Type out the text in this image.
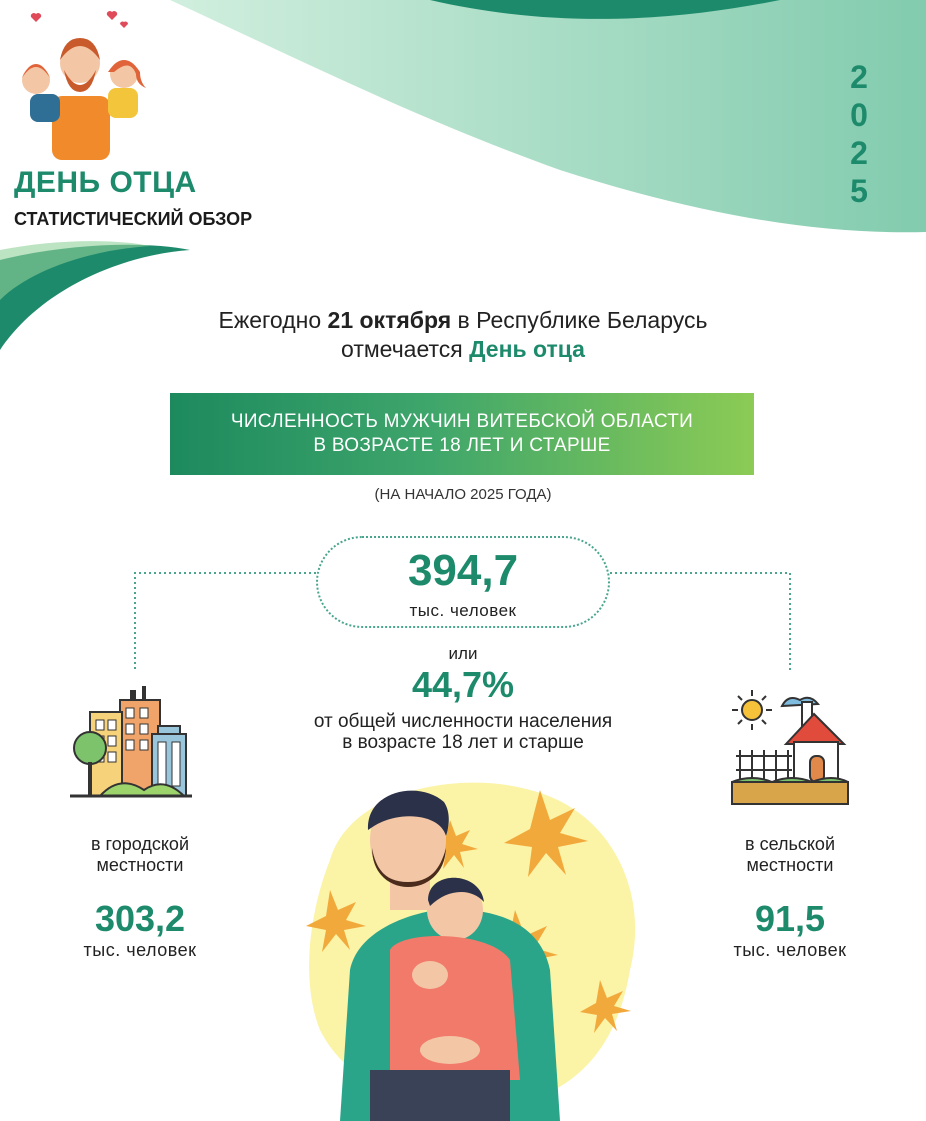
ДЕНЬ ОТЦА
СТАТИСТИЧЕСКИЙ ОБЗОР
2
0
2
5
Ежегодно 21 октября в Республике Беларусь
отмечается День отца
ЧИСЛЕННОСТЬ МУЖЧИН ВИТЕБСКОЙ ОБЛАСТИ
В ВОЗРАСТЕ 18 ЛЕТ И СТАРШЕ
(НА НАЧАЛО 2025 ГОДА)
394,7
тыс. человек
или
44,7%
от общей численности населения
в возрасте 18 лет и старше
в городской
местности
303,2
тыс. человек
в сельской
местности
91,5
тыс. человек
